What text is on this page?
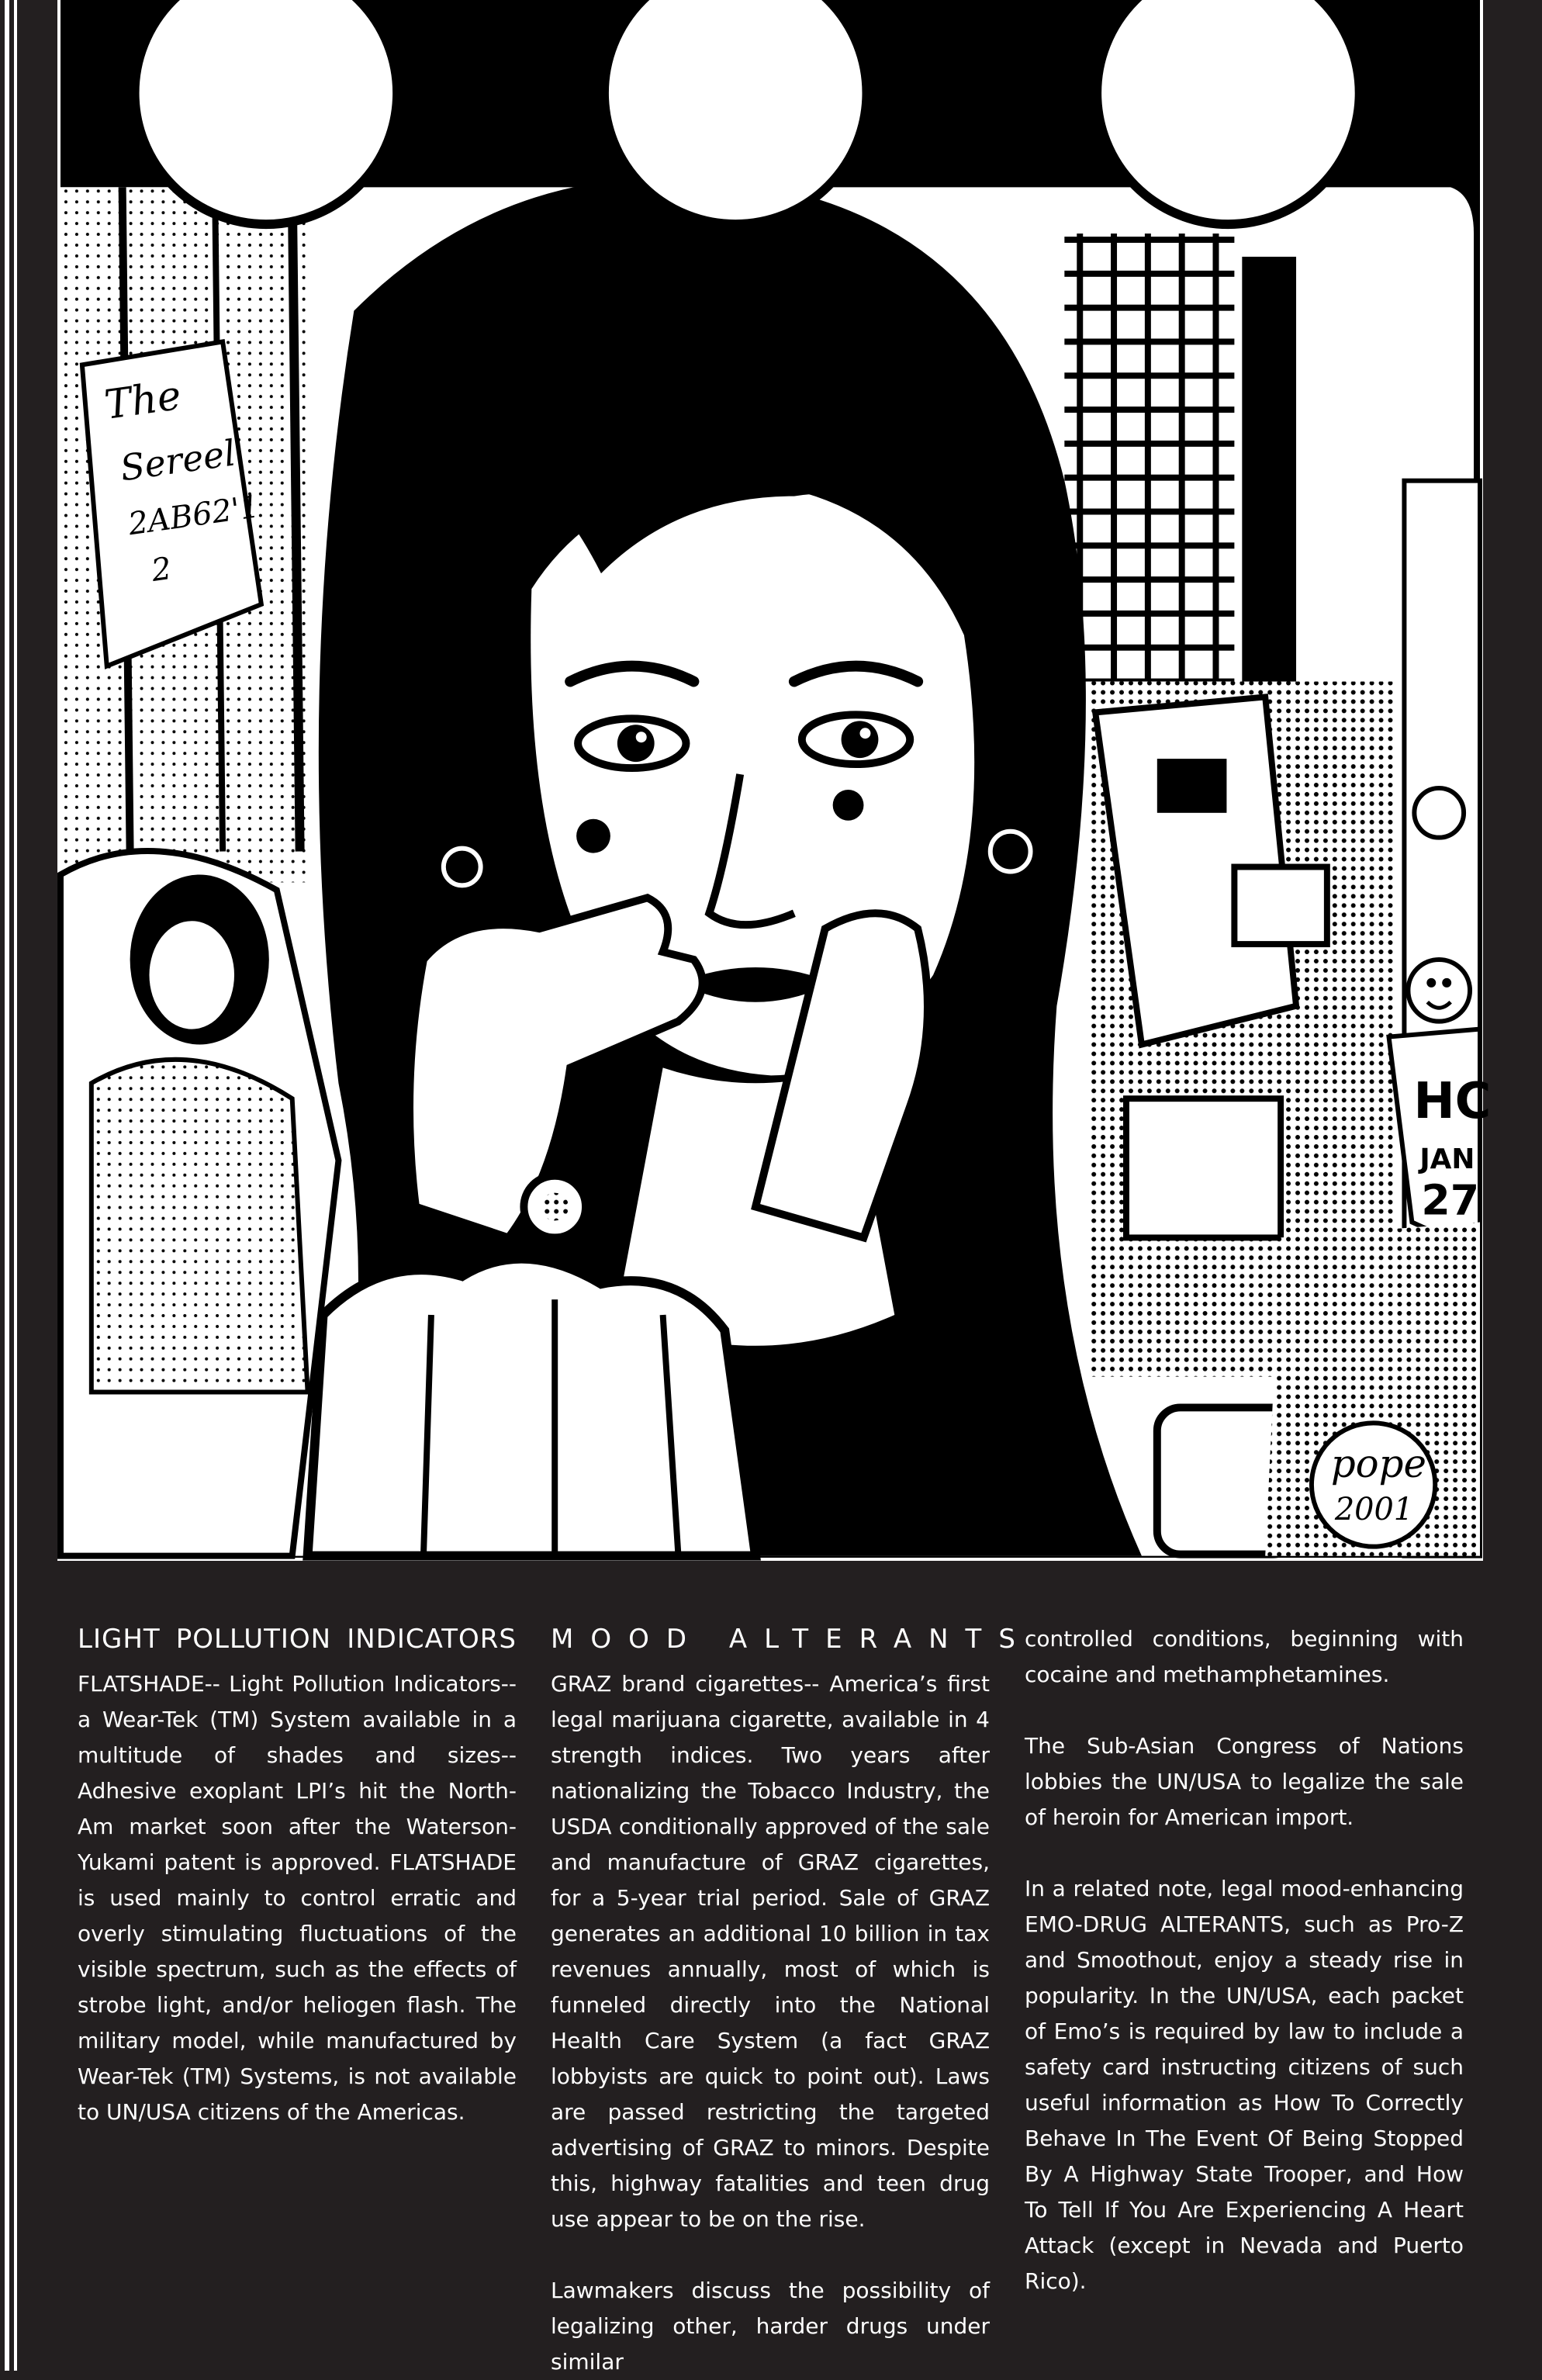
The
Sereel
2AB62'1
2
HC
JAN
27
pope
2001
LIGHT POLLUTION INDICATORS

FLATSHADE-- Light Pollution Indicators-- a Wear-Tek (TM) System available in a multitude of shades and sizes-- Adhesive exoplant LPI’s hit the North-Am market soon after the Waterson-Yukami patent is approved. FLATSHADE is used mainly to control erratic and overly stimulating fluctuations of the visible spectrum, such as the effects of strobe light, and/or heliogen flash. The military model, while manufactured by Wear-Tek (TM) Systems, is not available to UN/USA citizens of the Americas.

MOOD ALTERANTS

GRAZ brand cigarettes-- America’s first legal marijuana cigarette, available in 4 strength indices. Two years after nationalizing the Tobacco Industry, the USDA conditionally approved of the sale and manufacture of GRAZ cigarettes, for a 5-year trial period. Sale of GRAZ generates an additional 10 billion in tax revenues annually, most of which is funneled directly into the National Health Care System (a fact GRAZ lobbyists are quick to point out). Laws are passed restricting the targeted advertising of GRAZ to minors. Despite this, highway fatalities and teen drug use appear to be on the rise.

Lawmakers discuss the possibility of legalizing other, harder drugs under similar

controlled conditions, beginning with cocaine and methamphetamines.

The Sub-Asian Congress of Nations lobbies the UN/USA to legalize the sale of heroin for American import.

In a related note, legal mood-enhancing EMO-DRUG ALTERANTS, such as Pro-Z and Smoothout, enjoy a steady rise in popularity. In the UN/USA, each packet of Emo’s is required by law to include a safety card instructing citizens of such useful information as How To Correctly Behave In The Event Of Being Stopped By A Highway State Trooper, and How To Tell If You Are Experiencing A Heart Attack (except in Nevada and Puerto Rico).
